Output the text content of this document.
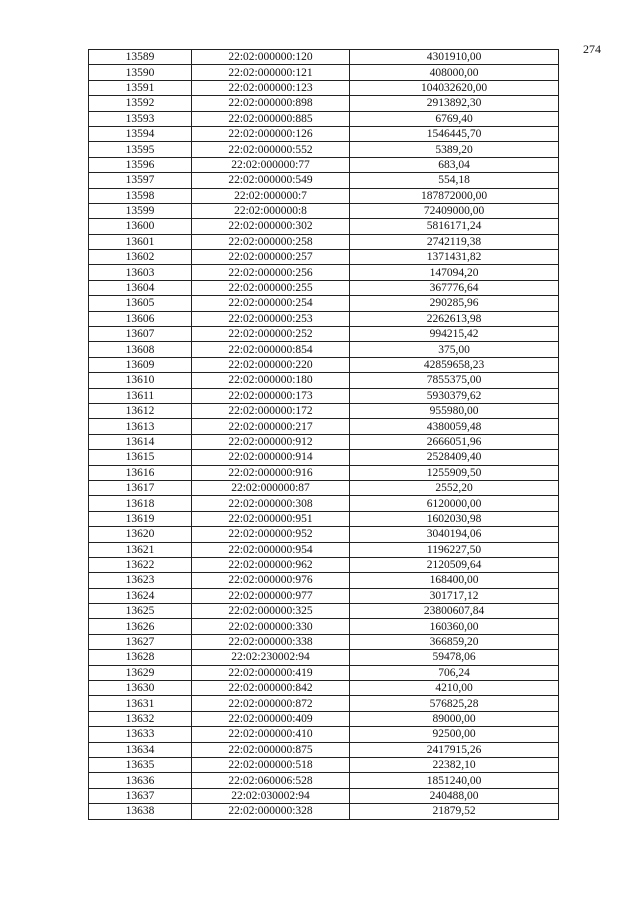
274
13589	22:02:000000:120	4301910,00
13590	22:02:000000:121	408000,00
13591	22:02:000000:123	104032620,00
13592	22:02:000000:898	2913892,30
13593	22:02:000000:885	6769,40
13594	22:02:000000:126	1546445,70
13595	22:02:000000:552	5389,20
13596	22:02:000000:77	683,04
13597	22:02:000000:549	554,18
13598	22:02:000000:7	187872000,00
13599	22:02:000000:8	72409000,00
13600	22:02:000000:302	5816171,24
13601	22:02:000000:258	2742119,38
13602	22:02:000000:257	1371431,82
13603	22:02:000000:256	147094,20
13604	22:02:000000:255	367776,64
13605	22:02:000000:254	290285,96
13606	22:02:000000:253	2262613,98
13607	22:02:000000:252	994215,42
13608	22:02:000000:854	375,00
13609	22:02:000000:220	42859658,23
13610	22:02:000000:180	7855375,00
13611	22:02:000000:173	5930379,62
13612	22:02:000000:172	955980,00
13613	22:02:000000:217	4380059,48
13614	22:02:000000:912	2666051,96
13615	22:02:000000:914	2528409,40
13616	22:02:000000:916	1255909,50
13617	22:02:000000:87	2552,20
13618	22:02:000000:308	6120000,00
13619	22:02:000000:951	1602030,98
13620	22:02:000000:952	3040194,06
13621	22:02:000000:954	1196227,50
13622	22:02:000000:962	2120509,64
13623	22:02:000000:976	168400,00
13624	22:02:000000:977	301717,12
13625	22:02:000000:325	23800607,84
13626	22:02:000000:330	160360,00
13627	22:02:000000:338	366859,20
13628	22:02:230002:94	59478,06
13629	22:02:000000:419	706,24
13630	22:02:000000:842	4210,00
13631	22:02:000000:872	576825,28
13632	22:02:000000:409	89000,00
13633	22:02:000000:410	92500,00
13634	22:02:000000:875	2417915,26
13635	22:02:000000:518	22382,10
13636	22:02:060006:528	1851240,00
13637	22:02:030002:94	240488,00
13638	22:02:000000:328	21879,52
